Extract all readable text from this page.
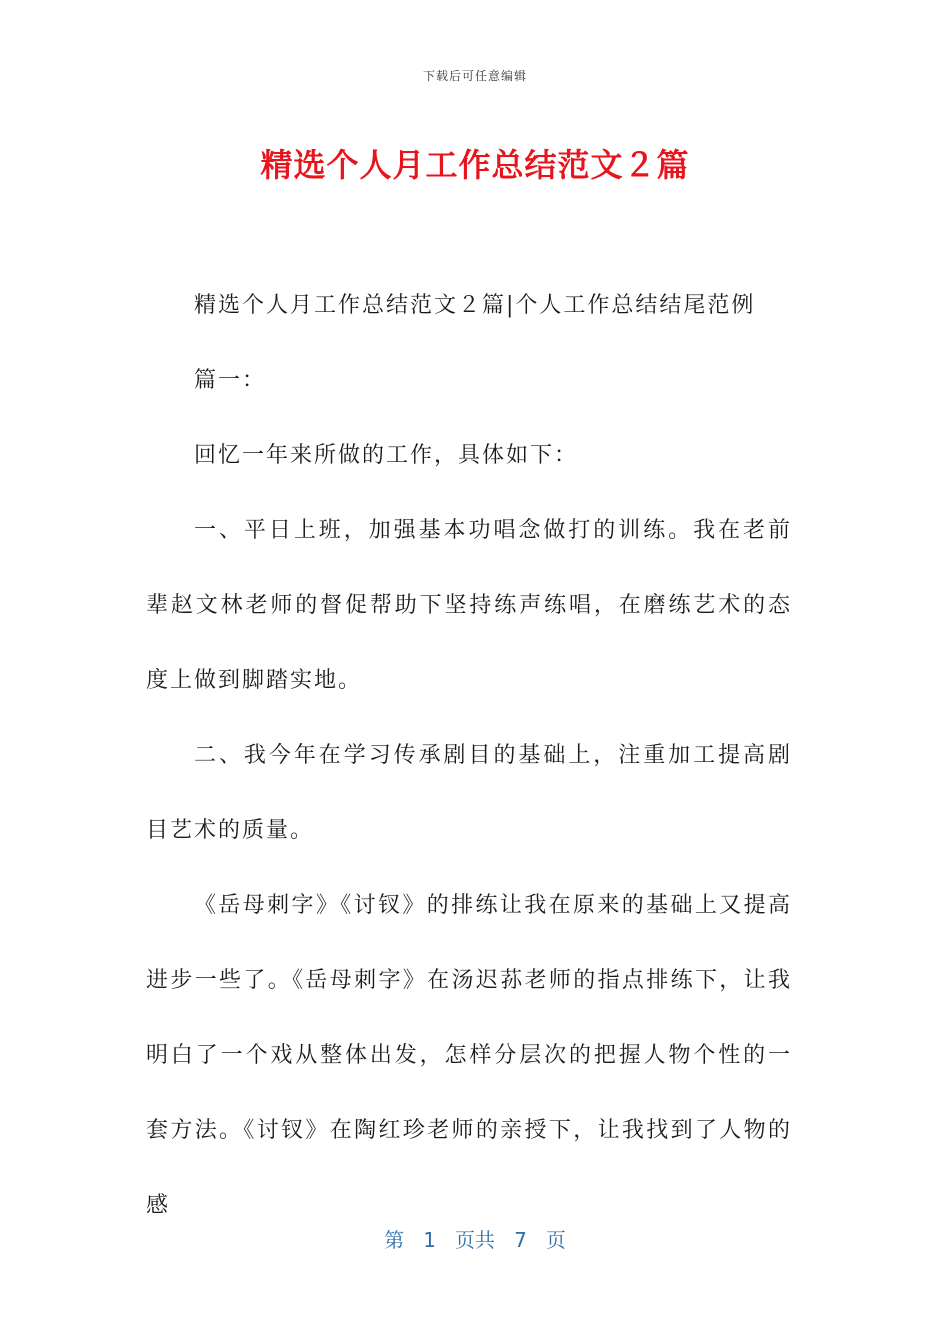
下载后可任意编辑
精选个人月工作总结范文２篇

精选个人月工作总结范文２篇|个人工作总结结尾范例

篇一：

回忆一年来所做的工作，具体如下：

一、平日上班，加强基本功唱念做打的训练。我在老前辈赵文林老师的督促帮助下坚持练声练唱，在磨练艺术的态度上做到脚踏实地。

二、我今年在学习传承剧目的基础上，注重加工提高剧目艺术的质量。

《岳母刺字》《讨钗》的排练让我在原来的基础上又提高进步一些了。《岳母刺字》在汤迟荪老师的指点排练下，让我明白了一个戏从整体出发，怎样分层次的把握人物个性的一套方法。《讨钗》在陶红珍老师的亲授下，让我找到了人物的感

第 1 页共 7 页
